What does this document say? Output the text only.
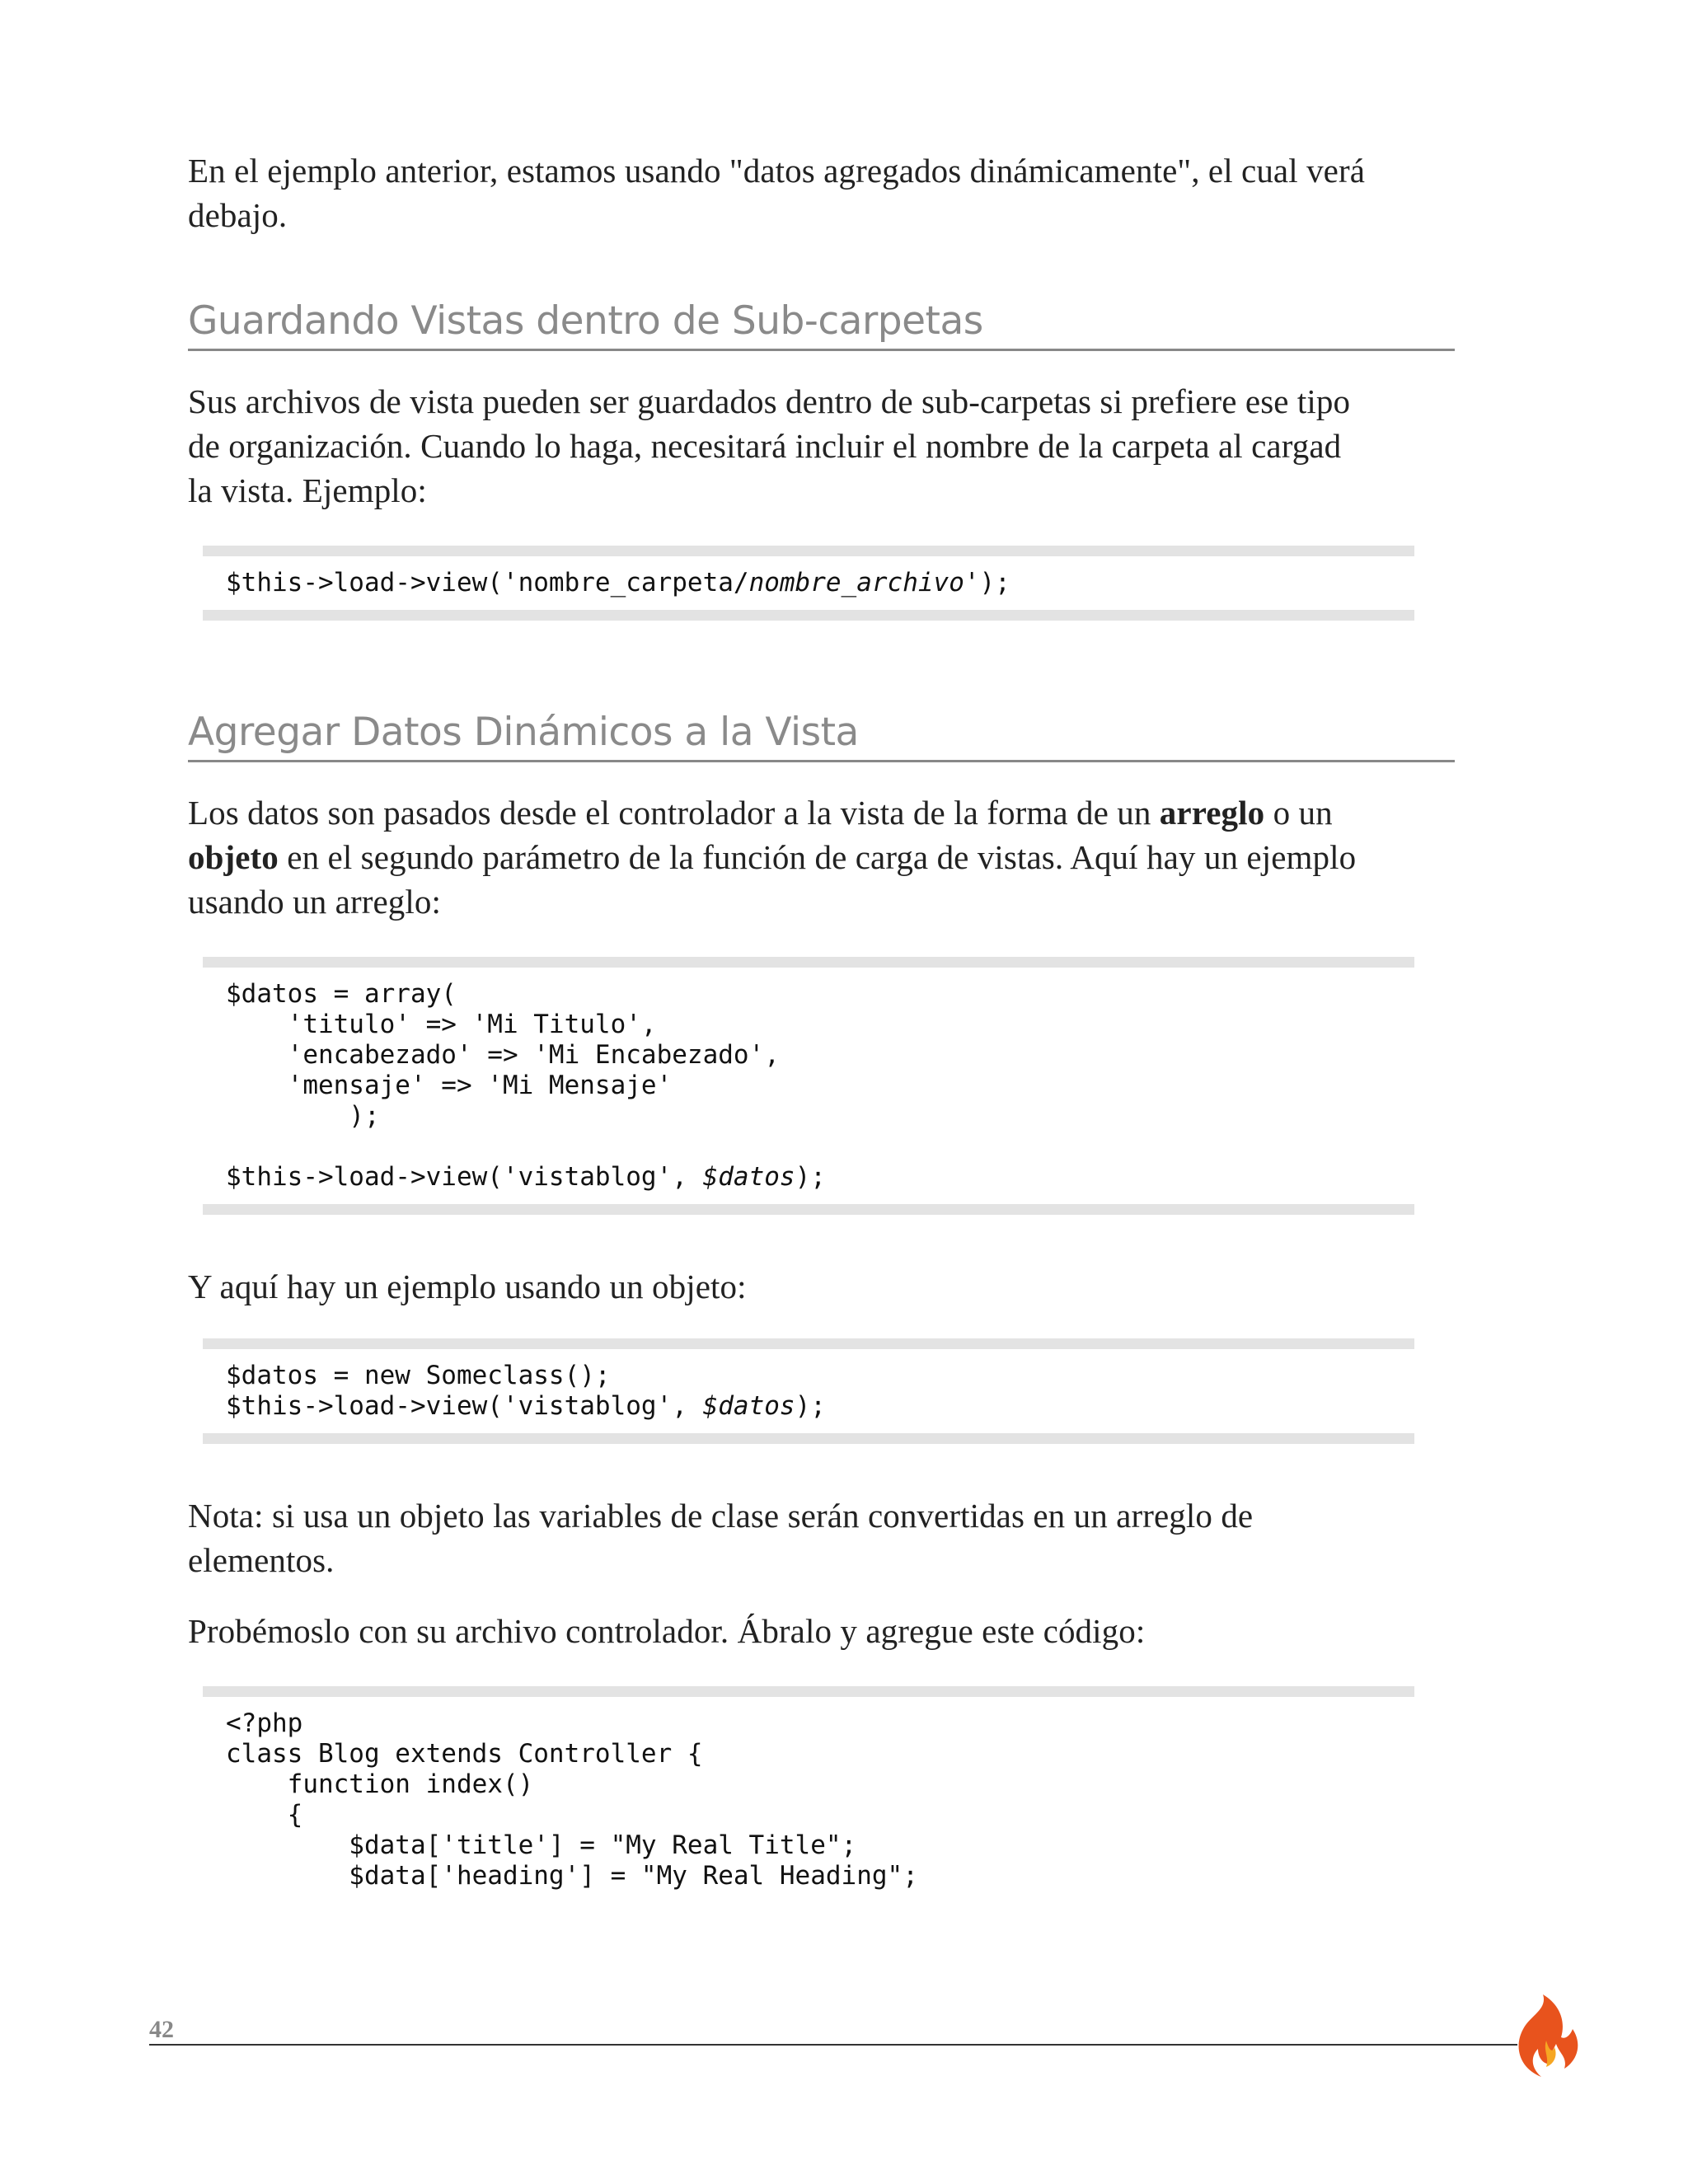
En el ejemplo anterior, estamos usando "datos agregados dinámicamente", el cual verá
debajo.

Guardando Vistas dentro de Sub-carpetas

Sus archivos de vista pueden ser guardados dentro de sub-carpetas si prefiere ese tipo
de organización. Cuando lo haga, necesitará incluir el nombre de la carpeta al cargad
la vista. Ejemplo:

$this->load->view('nombre_carpeta/nombre_archivo');
Agregar Datos Dinámicos a la Vista

Los datos son pasados desde el controlador a la vista de la forma de un arreglo o un
objeto en el segundo parámetro de la función de carga de vistas. Aquí hay un ejemplo
usando un arreglo:

$datos = array(
'titulo' => 'Mi Titulo',
'encabezado' => 'Mi Encabezado',
'mensaje' => 'Mi Mensaje'
);
$this->load->view('vistablog', $datos);

Y aquí hay un ejemplo usando un objeto:

$datos = new Someclass();
$this->load->view('vistablog', $datos);

Nota: si usa un objeto las variables de clase serán convertidas en un arreglo de
elementos.

Probémoslo con su archivo controlador. Ábralo y agregue este código:

<?php
class Blog extends Controller {
function index()
{
$data['title'] = "My Real Title";
$data['heading'] = "My Real Heading";
42
